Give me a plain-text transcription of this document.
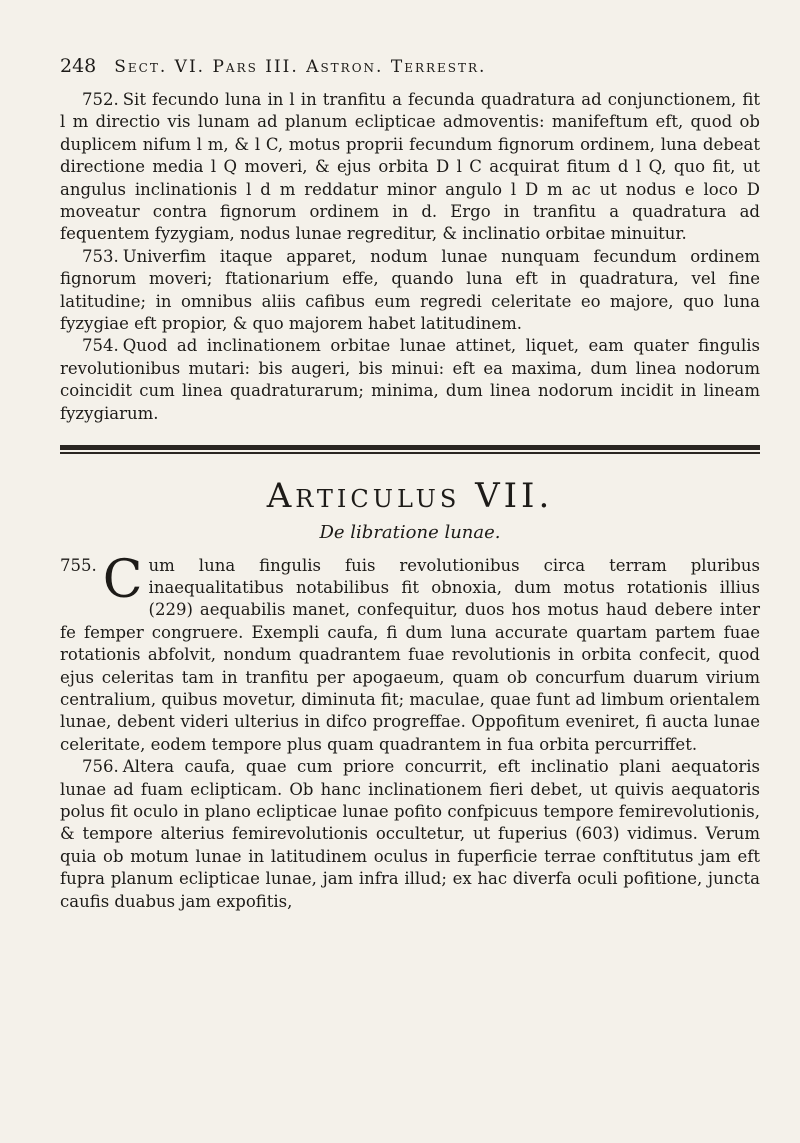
248 Sect. VI. Pars III. Astron. Terrestr.

752. Sit fecundo luna in l in tranfitu a fecunda quadratura ad conjunctionem, fit l m directio vis lunam ad planum eclipticae admoventis: manifeftum eft, quod ob duplicem nifum l m, & l C, motus proprii fecundum fignorum ordinem, luna debeat directione media l Q moveri, & ejus orbita D l C acquirat fitum d l Q, quo fit, ut angulus inclinationis l d m reddatur minor angulo l D m ac ut nodus e loco D moveatur contra fignorum ordinem in d. Ergo in tranfitu a quadratura ad fequentem fyzygiam, nodus lunae regreditur, & inclinatio orbitae minuitur.

753. Univerfim itaque apparet, nodum lunae nunquam fecundum ordinem fignorum moveri; ftationarium effe, quando luna eft in quadratura, vel fine latitudine; in omnibus aliis cafibus eum regredi celeritate eo majore, quo luna fyzygiae eft propior, & quo majorem habet latitudinem.

754. Quod ad inclinationem orbitae lunae attinet, liquet, eam quater fingulis revolutionibus mutari: bis augeri, bis minui: eft ea maxima, dum linea nodorum coincidit cum linea quadraturarum; minima, dum linea nodorum incidit in lineam fyzygiarum.

Articulus VII.
De libratione lunae.

755. C um luna fingulis fuis revolutionibus circa terram pluribus inaequalitatibus notabilibus fit obnoxia, dum motus rotationis illius (229) aequabilis manet, confequitur, duos hos motus haud debere inter fe femper congruere. Exempli caufa, fi dum luna accurate quartam partem fuae rotationis abfolvit, nondum quadrantem fuae revolutionis in orbita confecit, quod ejus celeritas tam in tranfitu per apogaeum, quam ob concurfum duarum virium centralium, quibus movetur, diminuta fit; maculae, quae funt ad limbum orientalem lunae, debent videri ulterius in difco progreffae. Oppofitum eveniret, fi aucta lunae celeritate, eodem tempore plus quam quadrantem in fua orbita percurriffet.

756. Altera caufa, quae cum priore concurrit, eft inclinatio plani aequatoris lunae ad fuam eclipticam. Ob hanc inclinationem fieri debet, ut quivis aequatoris polus fit oculo in plano eclipticae lunae pofito confpicuus tempore femirevolutionis, & tempore alterius femirevolutionis occultetur, ut fuperius (603) vidimus. Verum quia ob motum lunae in latitudinem oculus in fuperficie terrae conftitutus jam eft fupra planum eclipticae lunae, jam infra illud; ex hac diverfa oculi pofitione, juncta caufis duabus jam expofitis,
